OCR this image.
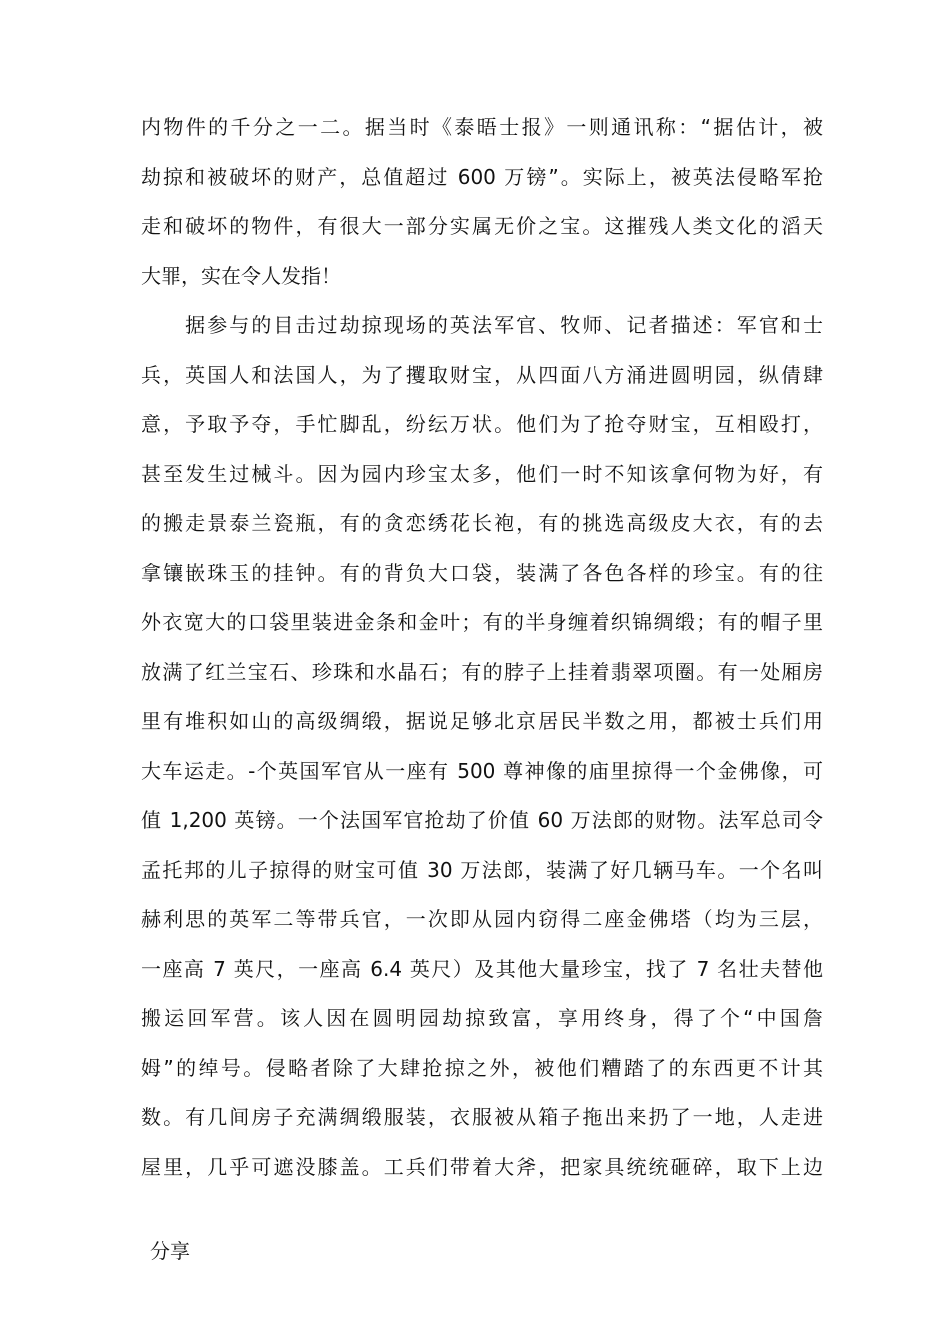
内物件的千分之一二。据当时《泰晤士报》一则通讯称：“据估计，被
劫掠和被破坏的财产，总值超过 600 万镑”。实际上，被英法侵略军抢
走和破坏的物件，有很大一部分实属无价之宝。这摧残人类文化的滔天
大罪，实在令人发指！
　　据参与的目击过劫掠现场的英法军官、牧师、记者描述：军官和士
兵，英国人和法国人，为了攫取财宝，从四面八方涌进圆明园，纵倩肆
意，予取予夺，手忙脚乱，纷纭万状。他们为了抢夺财宝，互相殴打，
甚至发生过械斗。因为园内珍宝太多，他们一时不知该拿何物为好，有
的搬走景泰兰瓷瓶，有的贪恋绣花长袍，有的挑选高级皮大衣，有的去
拿镶嵌珠玉的挂钟。有的背负大口袋，装满了各色各样的珍宝。有的往
外衣宽大的口袋里装进金条和金叶；有的半身缠着织锦绸缎；有的帽子里
放满了红兰宝石、珍珠和水晶石；有的脖子上挂着翡翠项圈。有一处厢房
里有堆积如山的高级绸缎，据说足够北京居民半数之用，都被士兵们用
大车运走。-个英国军官从一座有 500 尊神像的庙里掠得一个金佛像，可
值 1,200 英镑。一个法国军官抢劫了价值 60 万法郎的财物。法军总司令
孟托邦的儿子掠得的财宝可值 30 万法郎，装满了好几辆马车。一个名叫
赫利思的英军二等带兵官，一次即从园内窃得二座金佛塔（均为三层，
一座高 7 英尺，一座高 6.4 英尺）及其他大量珍宝，找了 7 名壮夫替他
搬运回军营。该人因在圆明园劫掠致富，享用终身，得了个“中国詹
姆”的绰号。侵略者除了大肆抢掠之外，被他们糟踏了的东西更不计其
数。有几间房子充满绸缎服装，衣服被从箱子拖出来扔了一地，人走进
屋里，几乎可遮没膝盖。工兵们带着大斧，把家具统统砸碎，取下上边
分享
